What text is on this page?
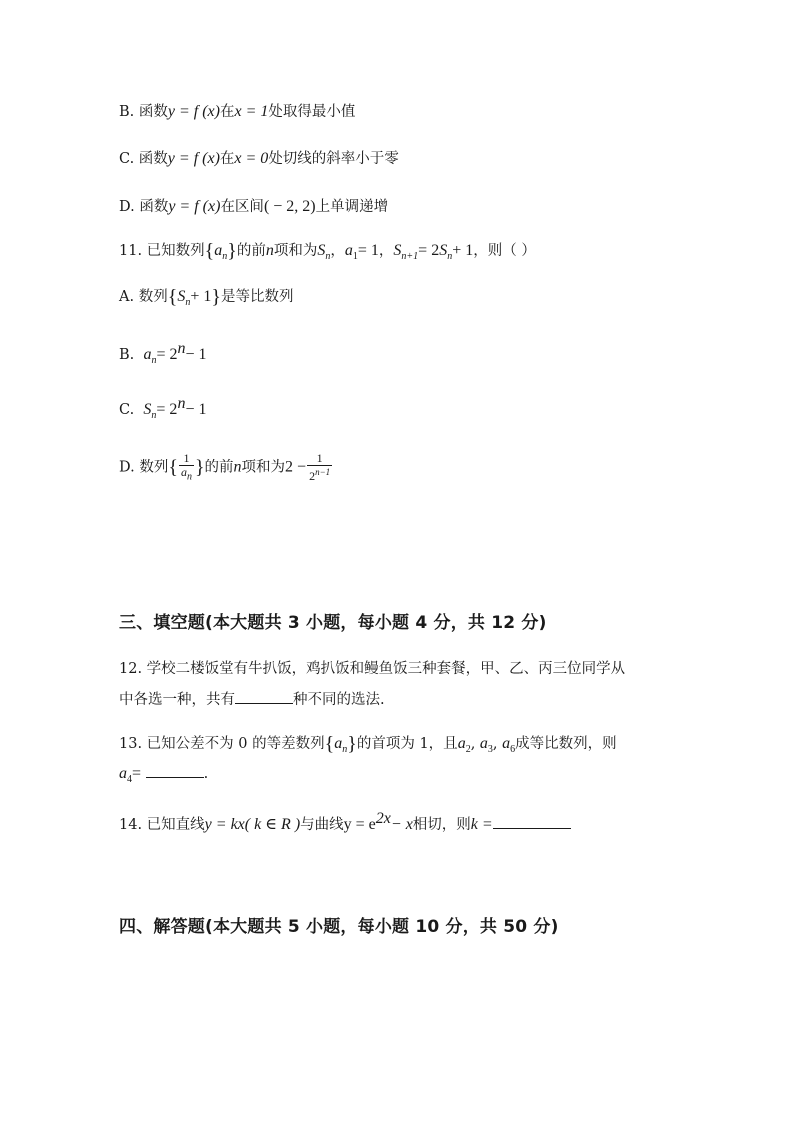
B. 函数y = f (x)在x = 1处取得最小值
C. 函数y = f (x)在x = 0处切线的斜率小于零
D. 函数y = f (x)在区间( − 2, 2)上单调递增
11. 已知数列$\{a_n\}$的前n项和为$S_n$，$a_1= 1$，$S_{n+1}= 2S_n+ 1$，则（ ）
A. 数列$\{S_n+ 1\}$是等比数列
B. $a_n= 2^n- 1$
C. $S_n= 2^n- 1$
D. 数列{ $\frac{1}{a_n}$ }的前n项和为$2 - \frac{1}{2^{n-1}}$
三、填空题(本大题共 3 小题，每小题 4 分，共 12 分)
12. 学校二楼饭堂有牛扒饭，鸡扒饭和鳗鱼饭三种套餐，甲、乙、丙三位同学从
中各选一种，共有	种不同的选法.
13. 已知公差不为 0 的等差数列$\{a_n\}$的首项为 1，且$a_2$, $a_3$, $a_6$成等比数列，则
$a_4=$	.
14. 已知直线y = kx( k ∈ R )与曲线$y = e^{2x}- x$相切，则k =
四、解答题(本大题共 5 小题，每小题 10 分，共 50 分)
